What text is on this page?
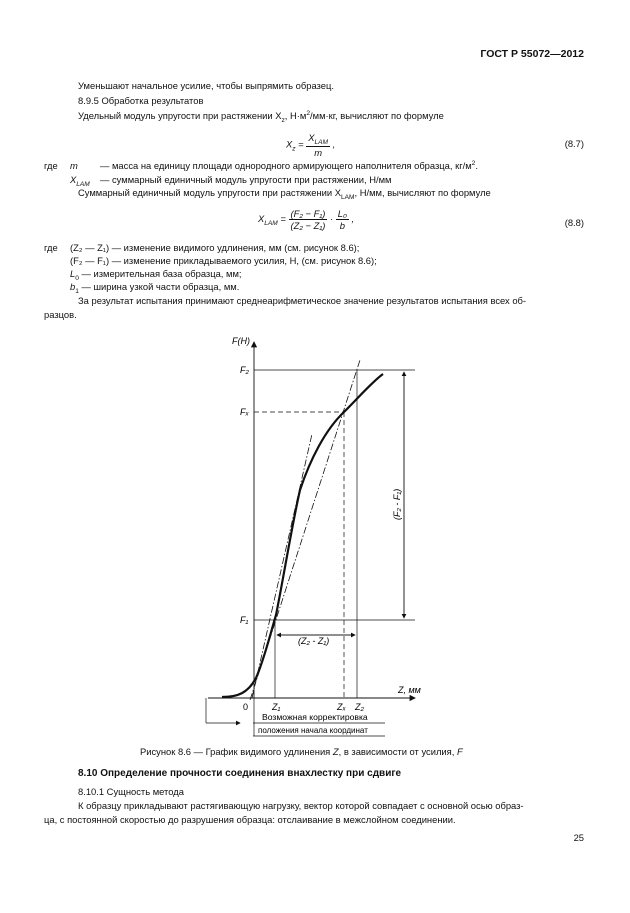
ГОСТ Р 55072—2012
Уменьшают начальное усилие, чтобы выпрямить образец.
8.9.5 Обработка результатов
Удельный модуль упругости при растяжении $X_z$, $Н\cdot м^2/мм\cdot кг$, вычисляют по формуле
$X_z = \frac{X_{LAM}}{m}$ ,	(8.7)
где m — масса на единицу площади однородного армирующего наполнителя образца, $кг/м^2$.
$X_{LAM}$ — суммарный единичный модуль упругости при растяжении, Н/мм
Суммарный единичный модуль упругости при растяжении $X_{LAM}$, Н/мм, вычисляют по формуле
$X_{LAM} = \frac{\text{(F₂ − F₁)}}{\text{(Z₂ − Z₁)}} \cdot \frac{\text{L₀}}{b}$ ,	(8.8)
где (Z₂ — Z₁) — изменение видимого удлинения, мм (см. рисунок 8.6);
(F₂ — F₁) — изменение прикладываемого усилия, Н, (см. рисунок 8.6);
$L_0$ — измерительная база образца, мм;
$b_1$ — ширина узкой части образца, мм.
За результат испытания принимают среднеарифметическое значение результатов испытания всех об-
разцов.
F(H)
Z, мм
F₂
Fₓ
F₁
Z₁	Zₓ Z₂
0
(Z₂ - Z₁)
(F₂ - F₁)
Возможная корректировка
положения начала координат
Рисунок 8.6 — График видимого удлинения Z, в зависимости от усилия, F
8.10 Определение прочности соединения внахлестку при сдвиге
8.10.1 Сущность метода
К образцу прикладывают растягивающую нагрузку, вектор которой совпадает с основной осью образ-
ца, с постоянной скоростью до разрушения образца: отслаивание в межслойном соединении.
25
